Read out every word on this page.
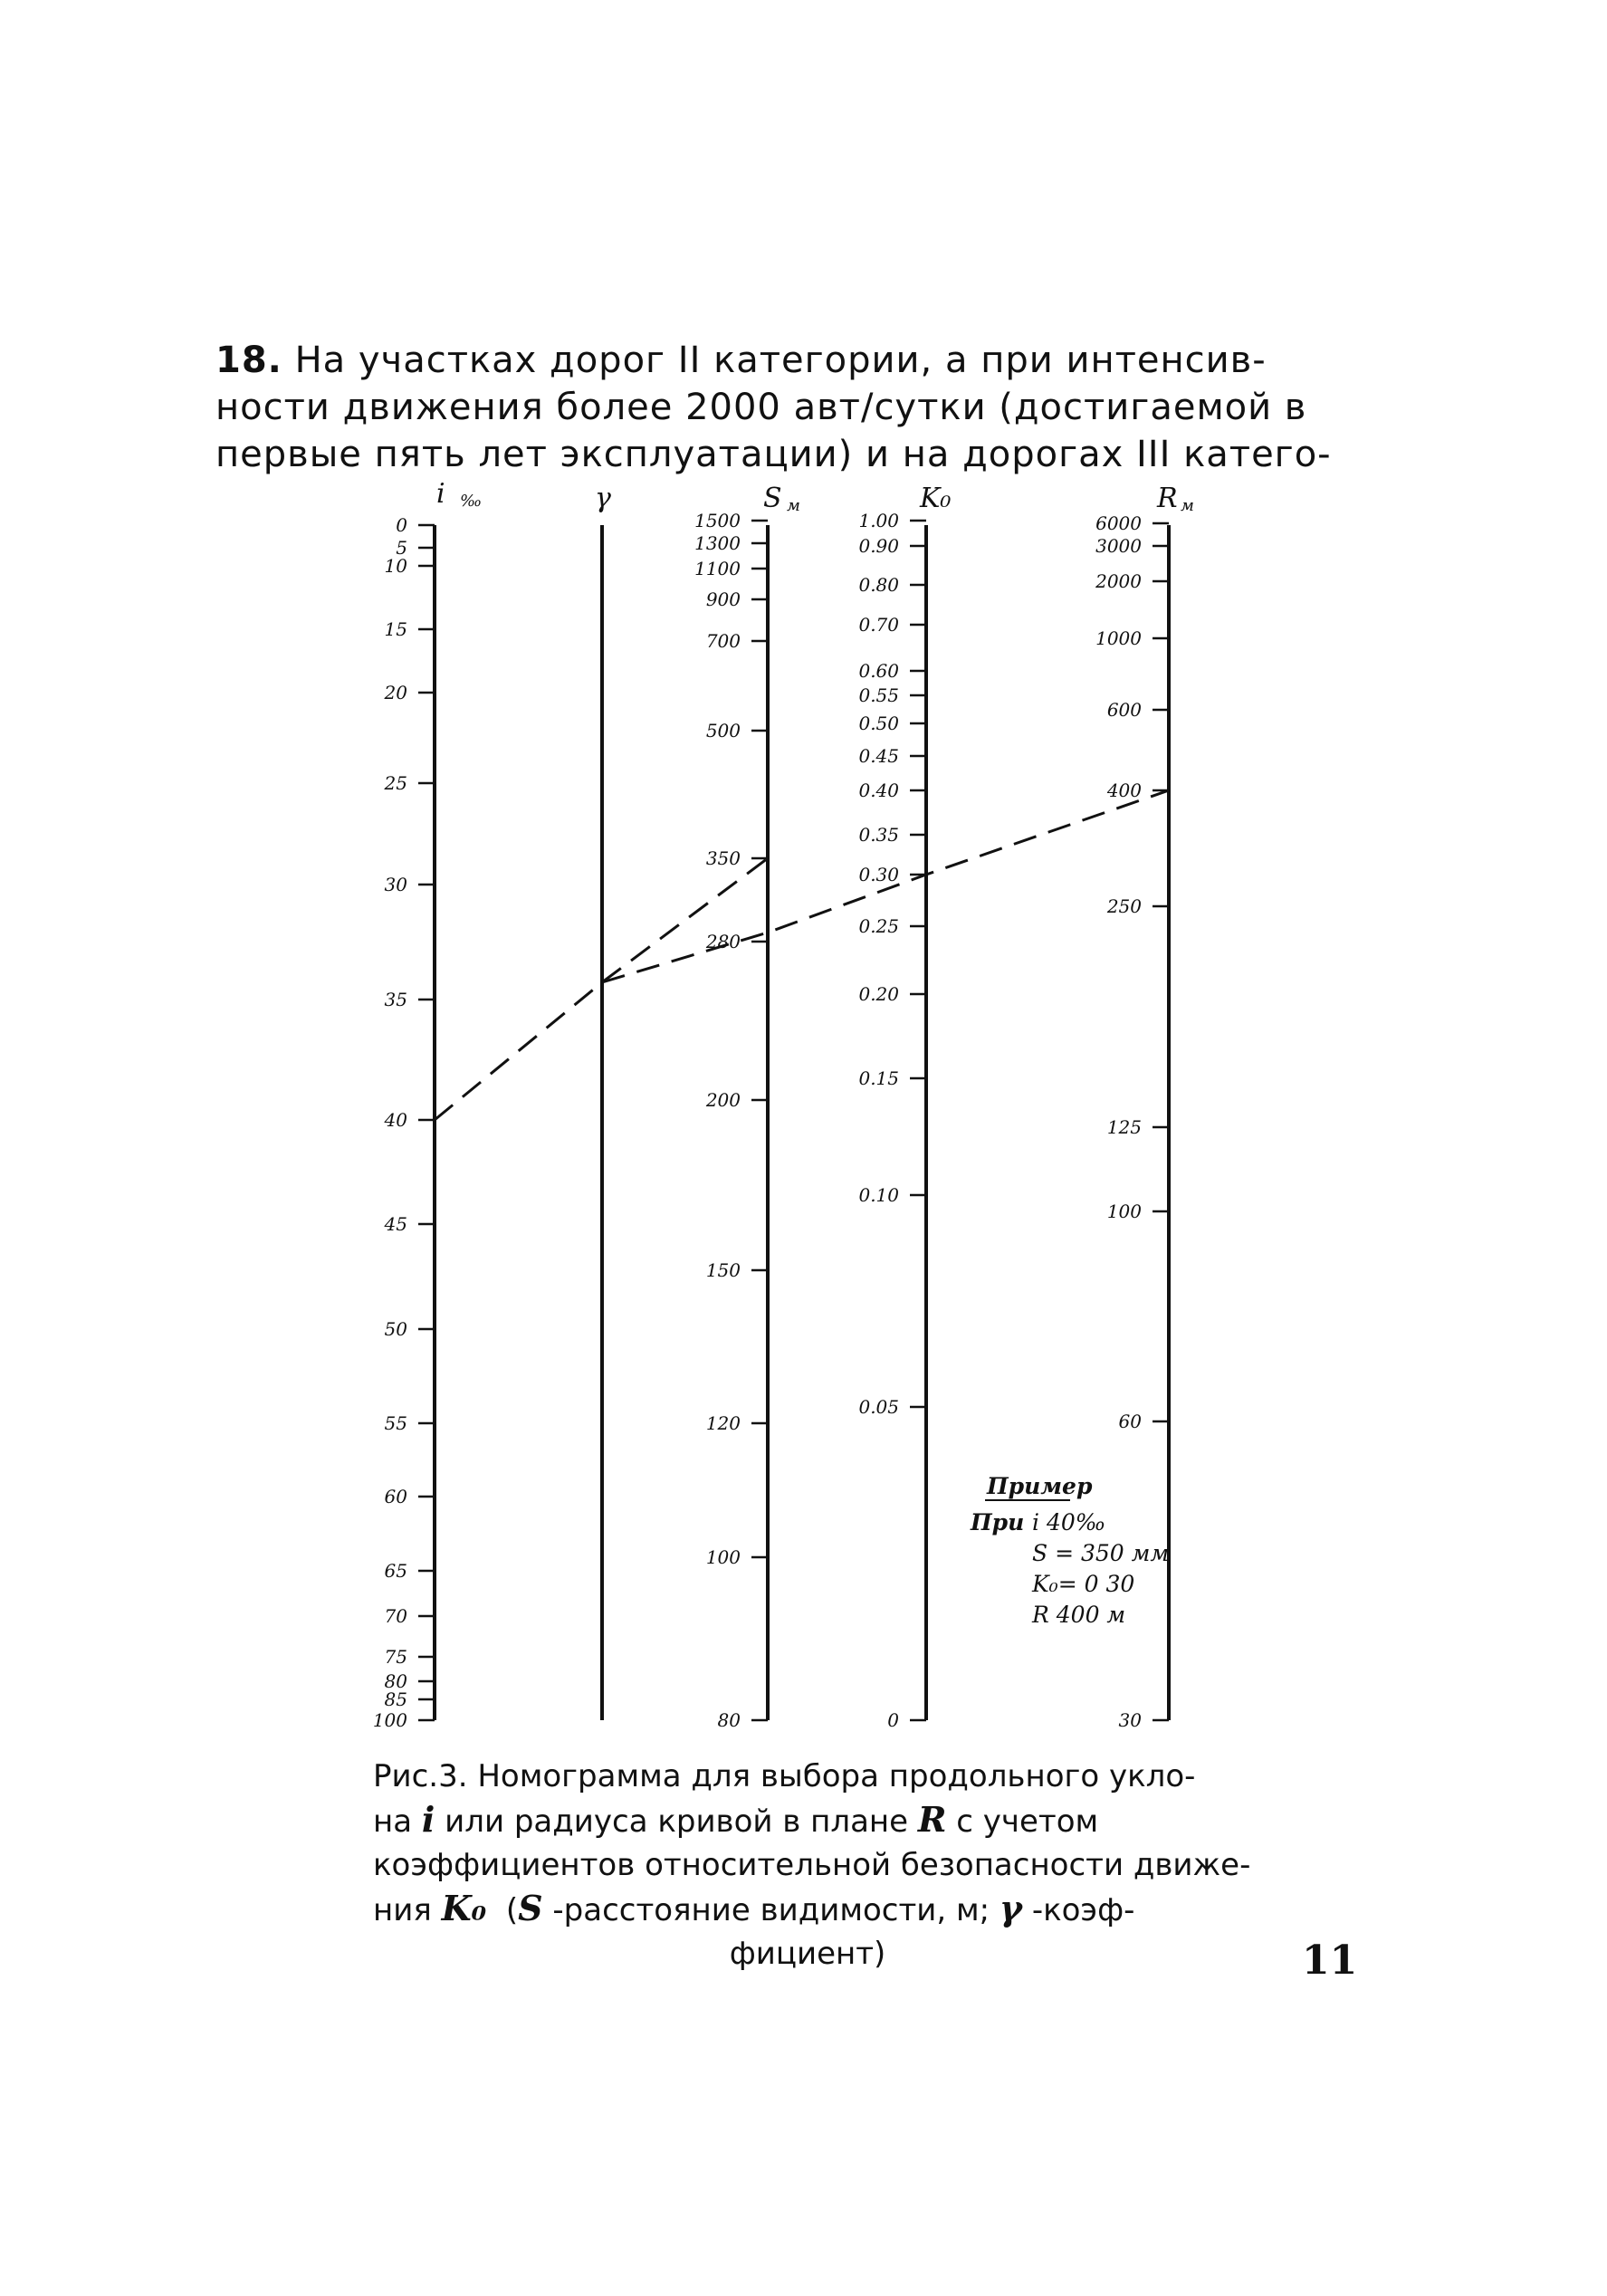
18. На участках дорог II категории, а при интенсив-
ности движения более 2000 авт/сутки (достигаемой в
первые пять лет эксплуатации) и на дорогах III катего-
i ‰
0
5
10
15
20
25
30
35
40
45
50
55
60
65
70
75
80
85
100
γ	S м
1500
1300
1100
900
700
500
350
280
200
150
120
100
80
K₀
1.00
0.90
0.80
0.70
0.60
0.55
0.50
0.45
0.40
0.35
0.30
0.25
0.20
0.15
0.10
0.05
0
R м
6000
3000
2000
1000
600
400
250
125
100
60
30
Пример
При i 40‰
S = 350 мм
K₀= 0 30
R 400 м
Рис.3. Номограмма для выбора продольного укло-
на i или радиуса кривой в плане R с учетом
коэффициентов относительной безопасности движе-
ния K₀  (S -расстояние видимости, м; γ -коэф-
фициент)	11
